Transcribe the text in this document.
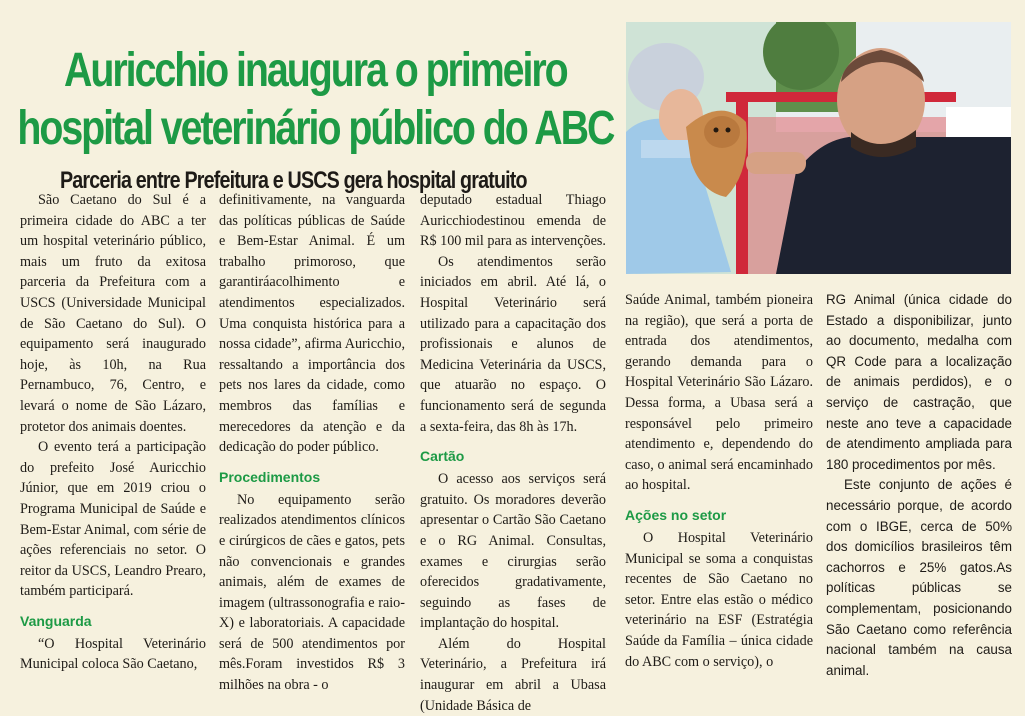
Auricchio inaugura o primeiro hospital veterinário público do ABC
Parceria entre Prefeitura e USCS gera hospital gratuito

São Caetano do Sul é a primeira cidade do ABC a ter um hospital veterinário público, mais um fruto da exitosa parceria da Prefeitura com a USCS (Universidade Municipal de São Caetano do Sul). O equipamento será inaugurado hoje, às 10h, na Rua Pernambuco, 76, Centro, e levará o nome de São Lázaro, protetor dos animais doentes.

O evento terá a participação do prefeito José Auricchio Júnior, que em 2019 criou o Programa Municipal de Saúde e Bem-Estar Animal, com série de ações referenciais no setor. O reitor da USCS, Leandro Prearo, também participará.

Vanguarda

“O Hospital Veterinário Municipal coloca São Caetano,

definitivamente, na vanguarda das políticas públicas de Saúde e Bem-Estar Animal. É um trabalho primoroso, que garantiráacolhimento e atendimentos especializados. Uma conquista histórica para a nossa cidade”, afirma Auricchio, ressaltando a importância dos pets nos lares da cidade, como membros das famílias e merecedores da atenção e da dedicação do poder público.

Procedimentos

No equipamento serão realizados atendimentos clínicos e cirúrgicos de cães e gatos, pets não convencionais e grandes animais, além de exames de imagem (ultrassonografia e raio-X) e laboratoriais. A capacidade será de 500 atendimentos por mês.Foram investidos R$ 3 milhões na obra - o

deputado estadual Thiago Auricchiodestinou emenda de R$ 100 mil para as intervenções.

Os atendimentos serão iniciados em abril. Até lá, o Hospital Veterinário será utilizado para a capacitação dos profissionais e alunos de Medicina Veterinária da USCS, que atuarão no espaço. O funcionamento será de segunda a sexta-feira, das 8h às 17h.

Cartão

O acesso aos serviços será gratuito. Os moradores deverão apresentar o Cartão São Caetano e o RG Animal. Consultas, exames e cirurgias serão oferecidos gradativamente, seguindo as fases de implantação do hospital.

Além do Hospital Veterinário, a Prefeitura irá inaugurar em abril a Ubasa (Unidade Básica de

Saúde Animal, também pioneira na região), que será a porta de entrada dos atendimentos, gerando demanda para o Hospital Veterinário São Lázaro. Dessa forma, a Ubasa será a responsável pelo primeiro atendimento e, dependendo do caso, o animal será encaminhado ao hospital.

Ações no setor

O Hospital Veterinário Municipal se soma a conquistas recentes de São Caetano no setor. Entre elas estão o médico veterinário na ESF (Estratégia Saúde da Família – única cidade do ABC com o serviço), o

RG Animal (única cidade do Estado a disponibilizar, junto ao documento, medalha com QR Code para a localização de animais perdidos), e o serviço de castração, que neste ano teve a capacidade de atendimento ampliada para 180 procedimentos por mês.

Este conjunto de ações é necessário porque, de acordo com o IBGE, cerca de 50% dos domicílios brasileiros têm cachorros e 25% gatos.As políticas públicas se complementam, posicionando São Caetano como referência nacional também na causa animal.
